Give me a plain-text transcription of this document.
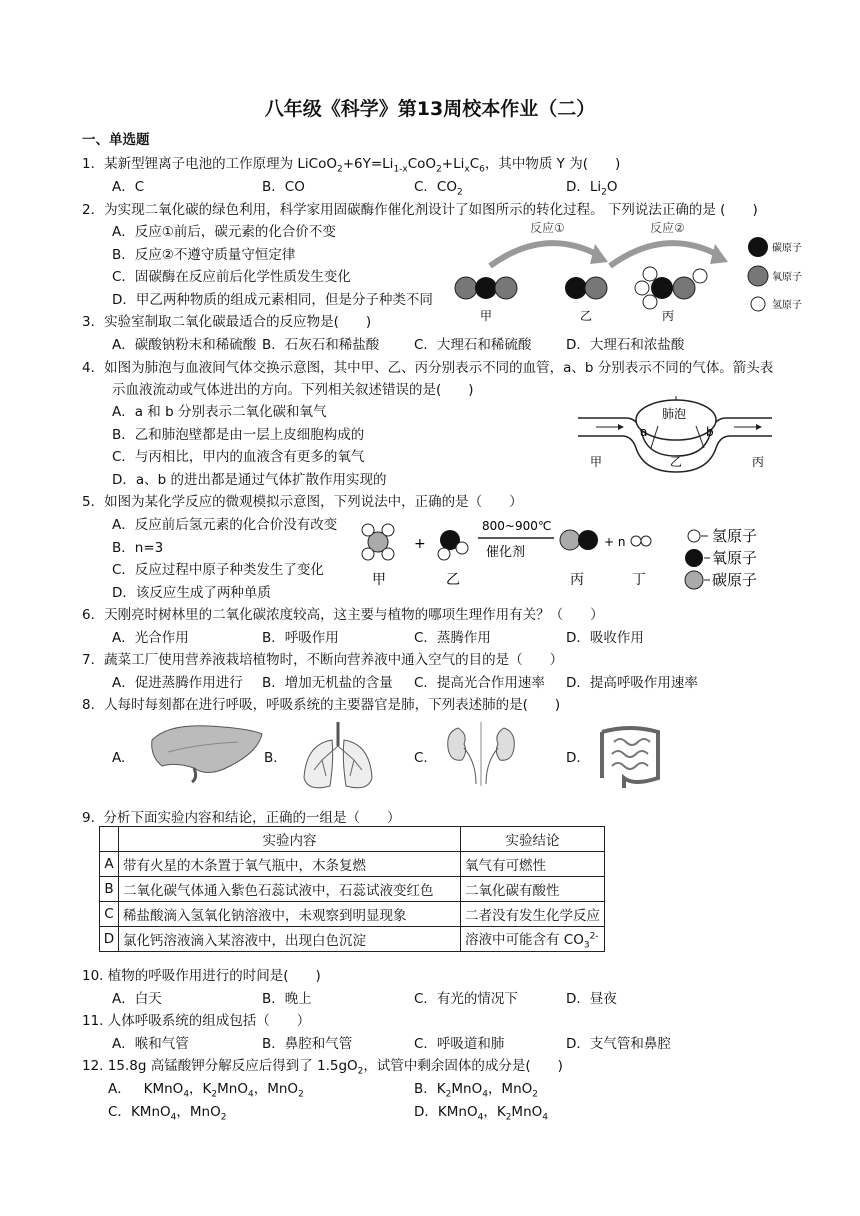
八年级《科学》第13周校本作业（二）
一、单选题
1．某新型锂离子电池的工作原理为 $LiCoO_2+6Y=Li_{1-x}CoO_2+Li_xC_6$，其中物质 Y 为(　　)
A．C	B．CO	C．$CO_2$	D．$Li_2O$
2．为实现二氧化碳的绿色利用，科学家用固碳酶作催化剂设计了如图所示的转化过程。 下列说法正确的是 (　　)
A．反应①前后，碳元素的化合价不变
B．反应②不遵守质量守恒定律
C．固碳酶在反应前后化学性质发生变化
D．甲乙两种物质的组成元素相同，但是分子种类不同
反应①	反应②
甲	乙	丙
碳原子
氧原子
氢原子
3．实验室制取二氧化碳最适合的反应物是(　　)
A．碳酸钠粉末和稀硫酸 B．石灰石和稀盐酸	C．大理石和稀硫酸	D．大理石和浓盐酸
4．如图为肺泡与血液间气体交换示意图，其中甲、乙、丙分别表示不同的血管，a、b 分别表示不同的气体。箭头表
示血液流动或气体进出的方向。下列相关叙述错误的是(　　)
A．a 和 b 分别表示二氧化碳和氧气
B．乙和肺泡壁都是由一层上皮细胞构成的
C．与丙相比，甲内的血液含有更多的氧气
D．a、b 的进出都是通过气体扩散作用实现的
肺泡
a	b
甲	乙	丙
5．如图为某化学反应的微观模拟示意图，下列说法中，正确的是（　　）
A．反应前后氢元素的化合价没有改变
B．n=3
C．反应过程中原子种类发生了变化
D．该反应生成了两种单质
+
800~900℃
催化剂
+ n
甲	乙	丙	丁
氢原子
氧原子
碳原子
6．天刚亮时树林里的二氧化碳浓度较高，这主要与植物的哪项生理作用有关？（　　）
A．光合作用	B．呼吸作用	C．蒸腾作用	D．吸收作用
7．蔬菜工厂使用营养液栽培植物时，不断向营养液中通入空气的目的是（　　）
A．促进蒸腾作用进行 B．增加无机盐的含量 C．提高光合作用速率 D．提高呼吸作用速率
8．人每时每刻都在进行呼吸，呼吸系统的主要器官是肺，下列表述肺的是(　　)
A.	B.	C.	D.
9. 分析下面实验内容和结论，正确的一组是（　　）
	实验内容	实验结论
A	带有火星的木条置于氧气瓶中，木条复燃	氧气有可燃性
B	二氧化碳气体通入紫色石蕊试液中，石蕊试液变红色	二氧化碳有酸性
C	稀盐酸滴入氢氧化钠溶液中，未观察到明显现象	二者没有发生化学反应
D	氯化钙溶液滴入某溶液中，出现白色沉淀	溶液中可能含有 $CO_3^{2-}$
10. 植物的呼吸作用进行的时间是(　　)
A．白天	B．晚上	C．有光的情况下	D．昼夜
11. 人体呼吸系统的组成包括（　　）
A．喉和气管	B．鼻腔和气管	C．呼吸道和肺	D．支气管和鼻腔
12. 15.8g 高锰酸钾分解反应后得到了 $1.5gO_2$，试管中剩余固体的成分是(　　)
A．   KMnO$_4$，$K_2MnO_4$，MnO$_2$	B．$K_2MnO_4$，MnO$_2$
C．KMnO$_4$，MnO$_2$	D．KMnO$_4$，$K_2MnO_4$
